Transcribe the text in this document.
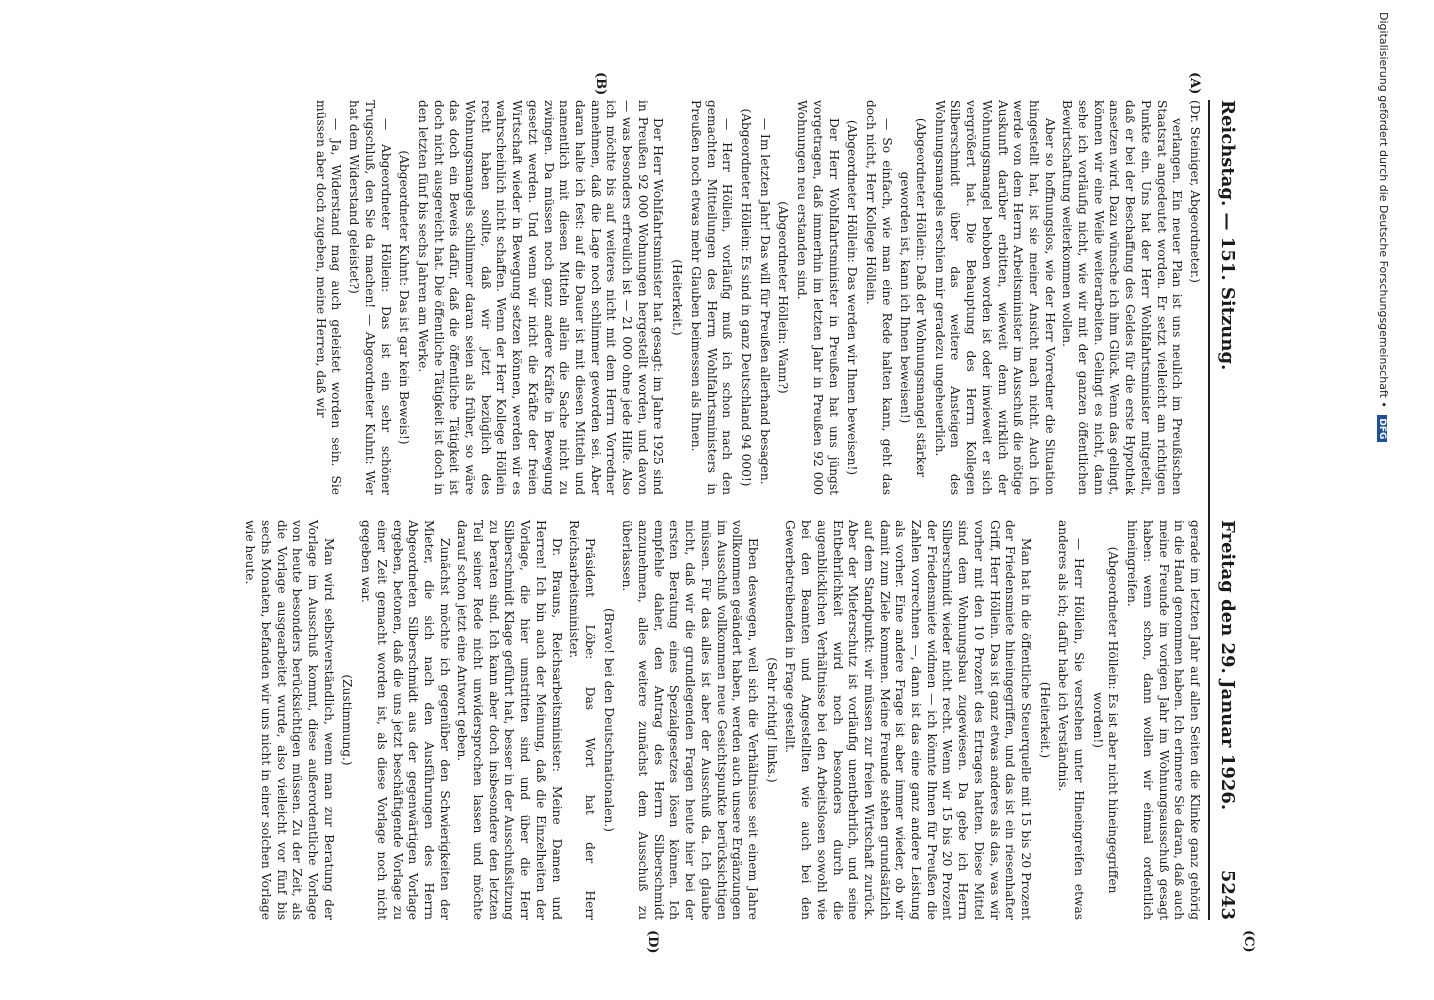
Reichstag. — 151. Sitzung.
Freitag den 29. Januar 1926.
5243
(A)
(B)
(C)
(D)

(Dr. Steiniger, Abgeordneter.)

verlangen. Ein neuer Plan ist uns neulich im Preußischen Staatsrat angedeutet worden. Er setzt vielleicht am richtigen Punkte ein. Uns hat der Herr Wohlfahrtsminister mitgeteilt, daß er bei der Beschaffung des Geldes für die erste Hypothek ansetzen wird. Dazu wünsche ich ihm Glück. Wenn das gelingt, können wir eine Weile weiterarbeiten. Gelingt es nicht, dann sehe ich vorläufig nicht, wie wir mit der ganzen öffentlichen Bewirtschaftung weiterkommen wollen.

Aber so hoffnungslos, wie der Herr Vorredner die Situation hingestellt hat, ist sie meiner Ansicht nach nicht. Auch ich werde von dem Herrn Arbeitsminister im Ausschuß die nötige Auskunft darüber erbitten, wieweit denn wirklich der Wohnungsmangel behoben worden ist oder inwieweit er sich vergrößert hat. Die Behauptung des Herrn Kollegen Silberschmidt über das weitere Ansteigen des Wohnungsmangels erschien mir geradezu ungeheuerlich.

(Abgeordneter Höllein: Daß der Wohnungsmangel stärker geworden ist, kann ich Ihnen beweisen!)

— So einfach, wie man eine Rede halten kann, geht das doch nicht, Herr Kollege Höllein.

(Abgeordneter Höllein: Das werden wir Ihnen beweisen!)

Der Herr Wohlfahrtsminister in Preußen hat uns jüngst vorgetragen, daß immerhin im letzten Jahr in Preußen 92 000 Wohnungen neu erstanden sind.

(Abgeordneter Höllein: Wann?)

— Im letzten Jahr! Das will für Preußen allerhand besagen.

(Abgeordneter Höllein: Es sind in ganz Deutschland 94 000!)

— Herr Höllein, vorläufig muß ich schon nach den gemachten Mitteilungen des Herrn Wohlfahrtsministers in Preußen noch etwas mehr Glauben beimessen als Ihnen.

(Heiterkeit.)

Der Herr Wohlfahrtsminister hat gesagt: im Jahre 1925 sind in Preußen 92 000 Wohnungen hergestellt worden, und davon — was besonders erfreulich ist — 21 000 ohne jede Hilfe. Also ich möchte bis auf weiteres nicht mit dem Herrn Vorredner annehmen, daß die Lage noch schlimmer geworden sei. Aber daran halte ich fest: auf die Dauer ist mit diesen Mitteln und namentlich mit diesen Mitteln allein die Sache nicht zu zwingen. Da müssen noch ganz andere Kräfte in Bewegung gesetzt werden. Und wenn wir nicht die Kräfte der freien Wirtschaft wieder in Bewegung setzen können, werden wir es wahrscheinlich nicht schaffen. Wenn der Herr Kollege Höllein recht haben sollte, daß wir jetzt bezüglich des Wohnungsmangels schlimmer daran seien als früher, so wäre das doch ein Beweis dafür, daß die öffentliche Tätigkeit ist doch nicht ausgereicht hat. Die öffentliche Tätigkeit ist doch in den letzten fünf bis sechs Jahren am Werke.

(Abgeordneter Kuhnt: Das ist gar kein Beweis!)

— Abgeordneter Höllein: Das ist ein sehr schöner Trugschluß, den Sie da machen! — Abgeordneter Kuhnt: Wer hat dem Widerstand geleistet?)

— Ja, Widerstand mag auch geleistet worden sein. Sie müssen aber doch zugeben, meine Herren, daß wir

gerade im letzten Jahr auf allen Seiten die Klinke ganz gehörig in die Hand genommen haben. Ich erinnere Sie daran, daß auch meine Freunde im vorigen Jahr im Wohnungsausschuß gesagt haben: wenn schon, dann wollen wir einmal ordentlich hineingreifen.

(Abgeordneter Höllein: Es ist aber nicht hineingegriffen worden!)

— Herr Höllein, Sie verstehen unter Hineingreifen etwas anderes als ich; dafür habe ich Verständnis.

(Heiterkeit.)

Man hat in die öffentliche Steuerquelle mit 15 bis 20 Prozent der Friedensmiete hineingegriffen, und das ist ein riesenhafter Griff, Herr Höllein. Das ist ganz etwas anderes als das, was wir vorher mit den 10 Prozent des Ertrages hatten. Diese Mittel sind dem Wohnungsbau zugewiesen. Da gebe ich Herrn Silberschmidt wieder nicht recht. Wenn wir 15 bis 20 Prozent der Friedensmiete widmen — ich könnte Ihnen für Preußen die Zahlen vorrechnen —, dann ist das eine ganz andere Leistung als vorher. Eine andere Frage ist aber immer wieder, ob wir damit zum Ziele kommen. Meine Freunde stehen grundsätzlich auf dem Standpunkt: wir müssen zur freien Wirtschaft zurück. Aber der Mieterschutz ist vorläufig unentbehrlich, und seine Entbehrlichkeit wird noch besonders durch die augenblicklichen Verhältnisse bei den Arbeitslosen sowohl wie bei den Beamten und Angestellten wie auch bei den Gewerbetreibenden in Frage gestellt.

(Sehr richtig! links.)

Eben deswegen, weil sich die Verhältnisse seit einem Jahre vollkommen geändert haben, werden auch unsere Ergänzungen im Ausschuß vollkommen neue Gesichtspunkte berücksichtigen müssen. Für das alles ist aber der Ausschuß da. Ich glaube nicht, daß wir die grundlegenden Fragen heute hier bei der ersten Beratung eines Spezialgesetzes lösen können. Ich empfehle daher, den Antrag des Herrn Silberschmidt anzunehmen, alles weitere zunächst dem Ausschuß zu überlassen.

(Bravo! bei den Deutschnationalen.)

Präsident Löbe: Das Wort hat der Herr Reichsarbeitsminister.

Dr. Brauns, Reichsarbeitsminister: Meine Damen und Herren! Ich bin auch der Meinung, daß die Einzelheiten der Vorlage, die hier umstritten sind und über die Herr Silberschmidt Klage geführt hat, besser in der Ausschußsitzung zu beraten sind. Ich kann aber doch insbesondere den letzten Teil seiner Rede nicht unwidersprochen lassen und möchte darauf schon jetzt eine Antwort geben.

Zunächst möchte ich gegenüber den Schwierigkeiten der Mieter, die sich nach den Ausführungen des Herrn Abgeordneten Silberschmidt aus der gegenwärtigen Vorlage ergeben, betonen, daß die uns jetzt beschäftigende Vorlage zu einer Zeit gemacht worden ist, als diese Vorlage noch nicht gegeben war.

(Zustimmung.)

Man wird selbstverständlich, wenn man zur Beratung der Vorlage im Ausschuß kommt, diese außerordentliche Vorlage von heute besonders berücksichtigen müssen. Zu der Zeit, als die Vorlage ausgearbeitet wurde, also vielleicht vor fünf bis sechs Monaten, befanden wir uns nicht in einer solchen Vorlage wie heute.

Digitalisierung gefördert durch die Deutsche Forschungsgemeinschaft • DFG
